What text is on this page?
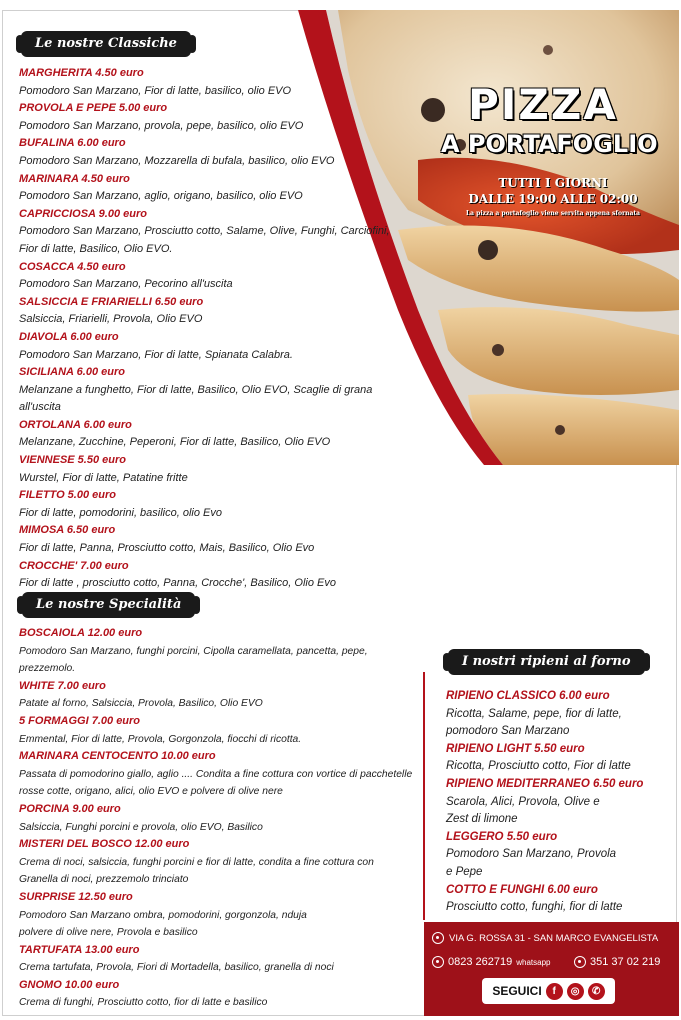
PIZZA
A PORTAFOGLIO
TUTTI I GIORNI
DALLE 19:00 ALLE 02:00
La pizza a portafoglio viene servita appena sfornata
Le nostre Classiche
MARGHERITA 4.50 euro
Pomodoro San Marzano, Fior di latte, basilico, olio EVO
PROVOLA E PEPE 5.00 euro
Pomodoro San Marzano, provola, pepe, basilico, olio EVO
BUFALINA 6.00 euro
Pomodoro San Marzano, Mozzarella di bufala, basilico, olio EVO
MARINARA 4.50 euro
Pomodoro San Marzano, aglio, origano, basilico, olio EVO
CAPRICCIOSA 9.00 euro
Pomodoro San Marzano, Prosciutto cotto, Salame, Olive, Funghi, Carciofini,
Fior di latte, Basilico, Olio EVO.
COSACCA 4.50 euro
Pomodoro San Marzano, Pecorino all'uscita
SALSICCIA E FRIARIELLI 6.50 euro
Salsiccia, Friarielli, Provola, Olio EVO
DIAVOLA 6.00 euro
Pomodoro San Marzano, Fior di latte, Spianata Calabra.
SICILIANA 6.00 euro
Melanzane a funghetto, Fior di latte, Basilico, Olio EVO, Scaglie di grana all'uscita
ORTOLANA 6.00 euro
Melanzane, Zucchine, Peperoni, Fior di latte, Basilico, Olio EVO
VIENNESE 5.50 euro
Wurstel, Fior di latte, Patatine fritte
FILETTO 5.00 euro
Fior di latte, pomodorini, basilico, olio Evo
MIMOSA 6.50 euro
Fior di latte, Panna, Prosciutto cotto, Mais, Basilico, Olio Evo
CROCCHE' 7.00 euro
Fior di latte , prosciutto cotto, Panna, Crocche', Basilico, Olio Evo
Le nostre Specialità
BOSCAIOLA 12.00 euro
Pomodoro San Marzano, funghi porcini, Cipolla caramellata, pancetta, pepe, prezzemolo.
WHITE 7.00 euro
Patate al forno, Salsiccia, Provola, Basilico, Olio EVO
5 FORMAGGI 7.00 euro
Emmental, Fior di latte, Provola, Gorgonzola, fiocchi di ricotta.
MARINARA CENTOCENTO 10.00 euro
Passata di pomodorino giallo, aglio .... Condita a fine cottura con vortice di pacchetelle
rosse cotte, origano, alici, olio EVO e polvere di olive nere
PORCINA 9.00 euro
Salsiccia, Funghi porcini e provola, olio EVO, Basilico
MISTERI DEL BOSCO 12.00 euro
Crema di noci, salsiccia, funghi porcini e fior di latte, condita a fine cottura con
Granella di noci, prezzemolo trinciato
SURPRISE 12.50 euro
Pomodoro San Marzano ombra, pomodorini, gorgonzola, nduja
polvere di olive nere, Provola e basilico
TARTUFATA 13.00 euro
Crema tartufata, Provola, Fiori di Mortadella, basilico, granella di noci
GNOMO 10.00 euro
Crema di funghi, Prosciutto cotto, fior di latte e basilico
I nostri ripieni al forno
RIPIENO CLASSICO 6.00 euro
Ricotta, Salame, pepe, fior di latte,
pomodoro San Marzano
RIPIENO LIGHT 5.50 euro
Ricotta, Prosciutto cotto, Fior di latte
RIPIENO MEDITERRANEO 6.50 euro
Scarola, Alici, Provola, Olive e
Zest di limone
LEGGERO 5.50 euro
Pomodoro San Marzano, Provola
e Pepe
COTTO E FUNGHI 6.00 euro
Prosciutto cotto, funghi, fior di latte
VIA G. ROSSA 31 - SAN MARCO EVANGELISTA
0823 262719 whatsapp	351 37 02 219
SEGUICI	f	◎	✆
